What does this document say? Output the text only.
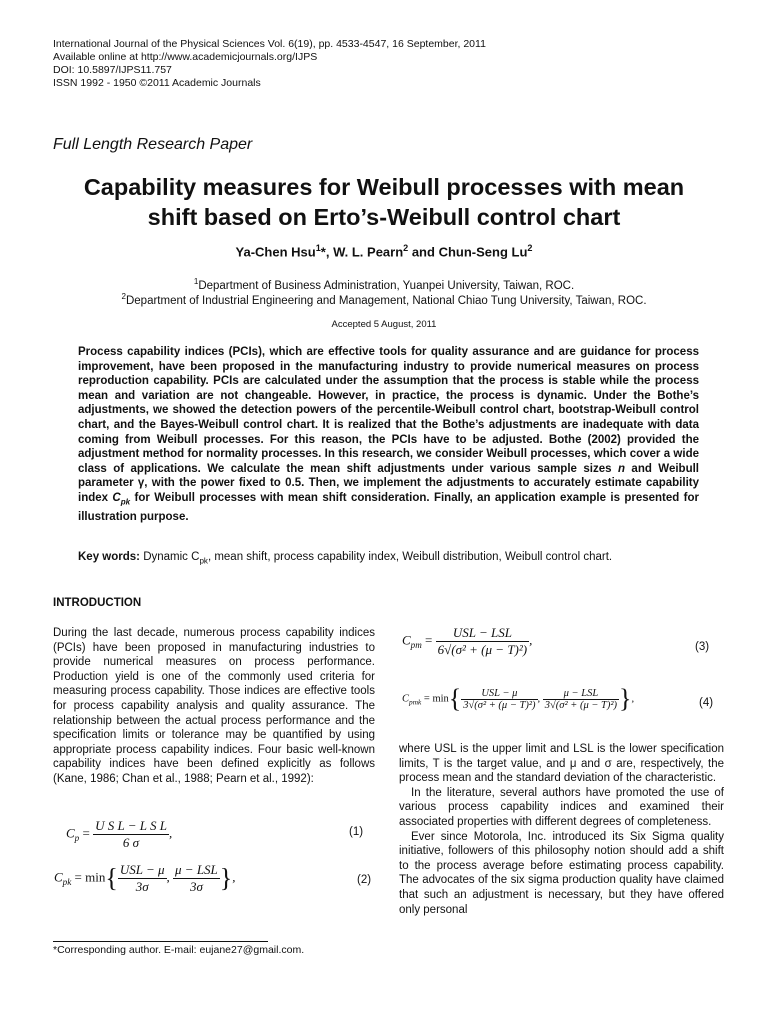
International Journal of the Physical Sciences Vol. 6(19), pp. 4533-4547, 16 September, 2011
Available online at http://www.academicjournals.org/IJPS
DOI: 10.5897/IJPS11.757
ISSN 1992 - 1950 ©2011 Academic Journals
Full Length Research Paper
Capability measures for Weibull processes with mean
shift based on Erto’s-Weibull control chart
Ya-Chen Hsu$^1$*, W. L. Pearn$^2$ and Chun-Seng Lu$^2$
$^1$Department of Business Administration, Yuanpei University, Taiwan, ROC.
$^2$Department of Industrial Engineering and Management, National Chiao Tung University, Taiwan, ROC.
Accepted 5 August, 2011
Process capability indices (PCIs), which are effective tools for quality assurance and are guidance for process improvement, have been proposed in the manufacturing industry to provide numerical measures on process reproduction capability. PCIs are calculated under the assumption that the process is stable while the process mean and variation are not changeable. However, in practice, the process is dynamic. Under the Bothe’s adjustments, we showed the detection powers of the percentile-Weibull control chart, bootstrap-Weibull control chart, and the Bayes-Weibull control chart. It is realized that the Bothe’s adjustments are inadequate with data coming from Weibull processes. For this reason, the PCIs have to be adjusted. Bothe (2002) provided the adjustment method for normality processes. In this research, we consider Weibull processes, which cover a wide class of applications. We calculate the mean shift adjustments under various sample sizes n and Weibull parameter γ, with the power fixed to 0.5. Then, we implement the adjustments to accurately estimate capability index $C_{pk}$ for Weibull processes with mean shift consideration. Finally, an application example is presented for illustration purpose.
Key words: Dynamic $C_{pk}$, mean shift, process capability index, Weibull distribution, Weibull control chart.
INTRODUCTION
During the last decade, numerous process capability indices (PCIs) have been proposed in manufacturing industries to provide numerical measures on process performance. Production yield is one of the commonly used criteria for measuring process capability. Those indices are effective tools for process capability analysis and quality assurance. The relationship between the actual process performance and the specification limits or tolerance may be quantified by using appropriate process capability indices. Four basic well-known capability indices have been defined explicitly as follows (Kane, 1986; Chan et al., 1988; Pearn et al., 1992):
$C_p = \frac{\text{U S L − L S L}}{6 \sigma}$ ,	(1)
$C_{pk} = \min\{ \frac{\text{USL − μ}}{3\sigma}$ , $\frac{\text{μ − LSL}}{3\sigma}$ },	(2)
$C_{pm} = \frac{\text{USL − LSL}}{\text{6√(σ² + (μ − T)²)}}$ ,	(3)
$C_{pmk} = \min\{ \frac{\text{USL − μ}}{\text{3√(σ² + (μ − T)²)}}$ , $\frac{\text{μ − LSL}}{\text{3√(σ² + (μ − T)²)}}$ },	(4)
where USL is the upper limit and LSL is the lower specification limits, T is the target value, and μ and σ are, respectively, the process mean and the standard deviation of the characteristic.
In the literature, several authors have promoted the use of various process capability indices and examined their associated properties with different degrees of completeness.
Ever since Motorola, Inc. introduced its Six Sigma quality initiative, followers of this philosophy notion should add a shift to the process average before estimating process capability. The advocates of the six sigma production quality have claimed that such an adjustment is necessary, but they have offered only personal
*Corresponding author. E-mail: eujane27@gmail.com.
